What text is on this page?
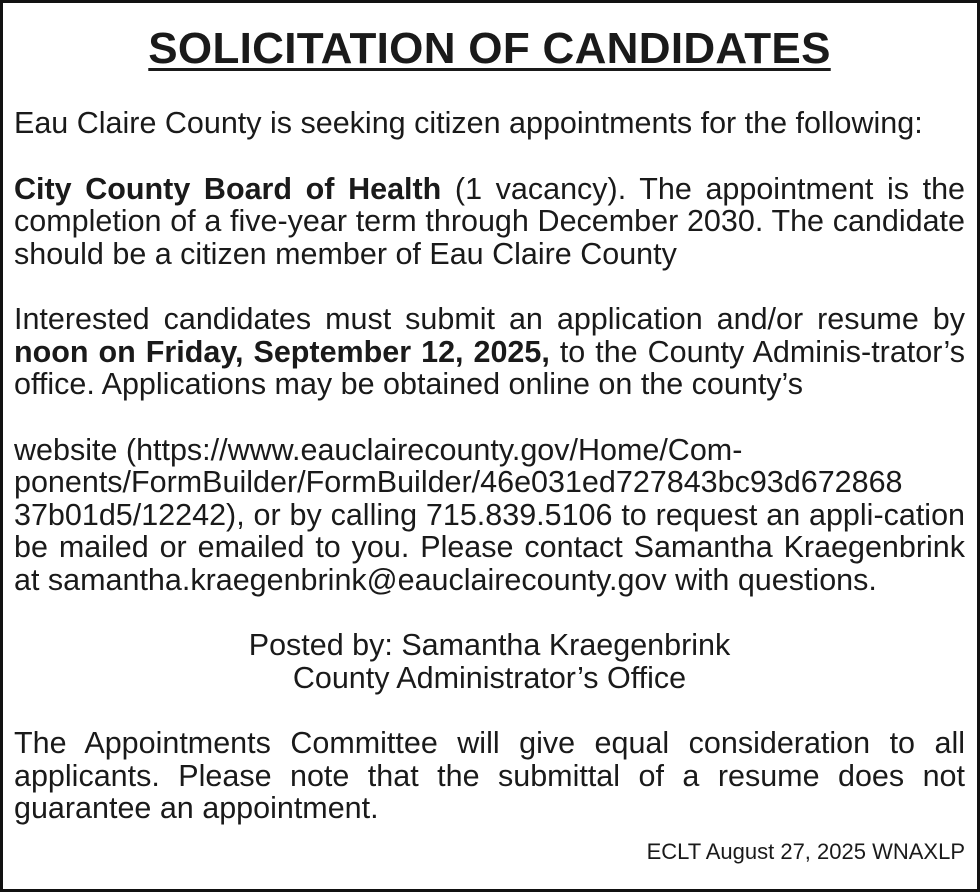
SOLICITATION OF CANDIDATES

Eau Claire County is seeking citizen appointments for the following:

City County Board of Health (1 vacancy). The appointment is the completion of a five-year term through December 2030. The candidate should be a citizen member of Eau Claire County

Interested candidates must submit an application and/or resume by noon on Friday, September 12, 2025, to the County Adminis-trator’s office. Applications may be obtained online on the county’s

website (https://www.eauclairecounty.gov/Home/Com-

ponents/FormBuilder/FormBuilder/46e031ed727843bc93d672868 37b01d5/12242), or by calling 715.839.5106 to request an appli-cation be mailed or emailed to you. Please contact Samantha Kraegenbrink at samantha.kraegenbrink@eauclairecounty.gov with questions.

Posted by: Samantha Kraegenbrink
County Administrator’s Office

The Appointments Committee will give equal consideration to all applicants. Please note that the submittal of a resume does not guarantee an appointment.

ECLT August 27, 2025 WNAXLP
